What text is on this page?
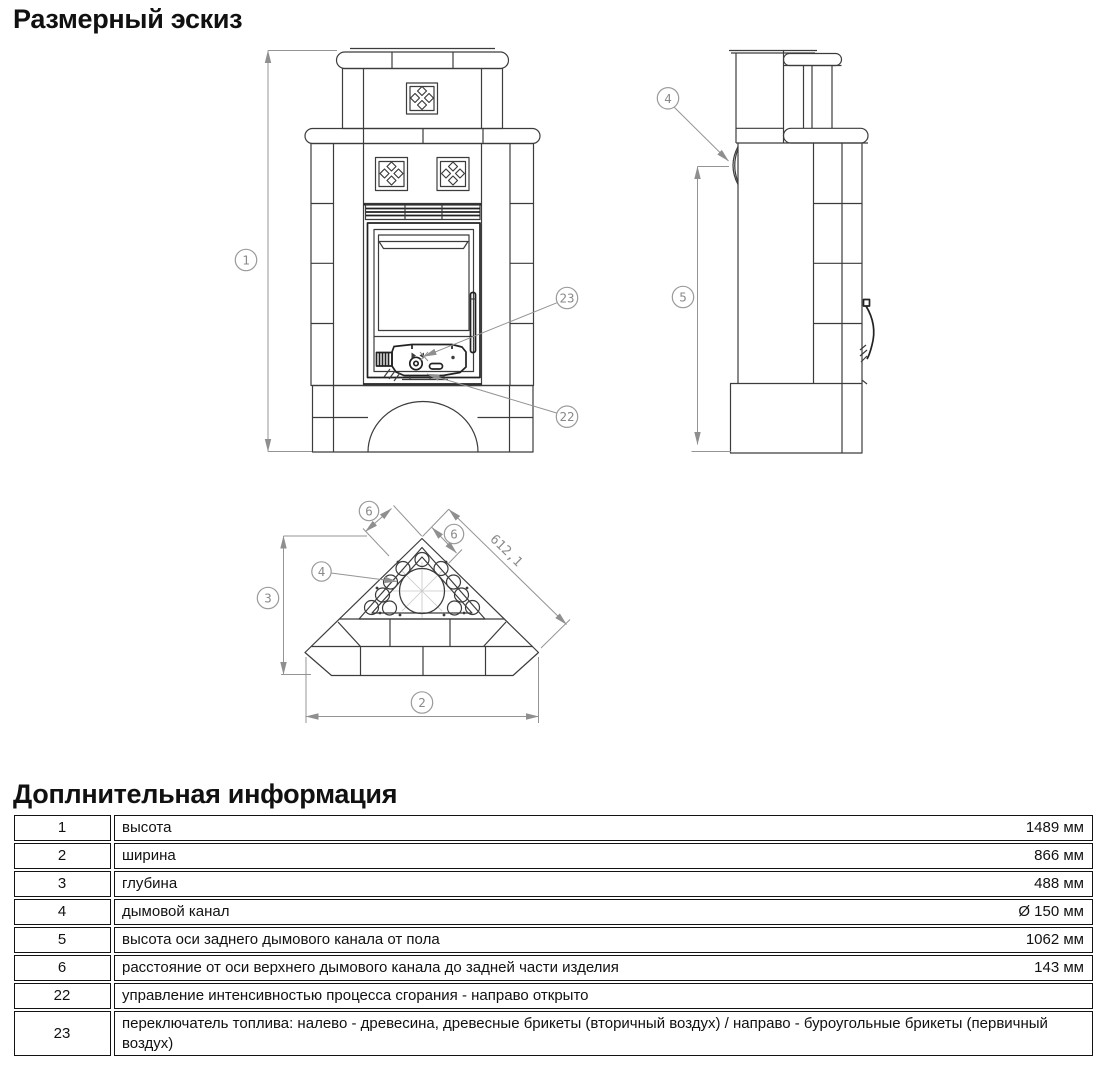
Размерный эскиз
1
23
22
5
4
3
2
6
6 612,1
4
Доплнительная информация
1	высота 1489 мм

2	ширина 866 мм

3	глубина 488 мм

4	дымовой канал Ø 150 мм

5	высота оси заднего дымового канала от пола 1062 мм

6	расстояние от оси верхнего дымового канала до задней части изделия 143 мм

22	управление интенсивностью процесса сгорания - направо открыто

23	переключатель топлива: налево - древесина, древесные брикеты (вторичный воздух) / направо - буроугольные брикеты (первичный воздух)
